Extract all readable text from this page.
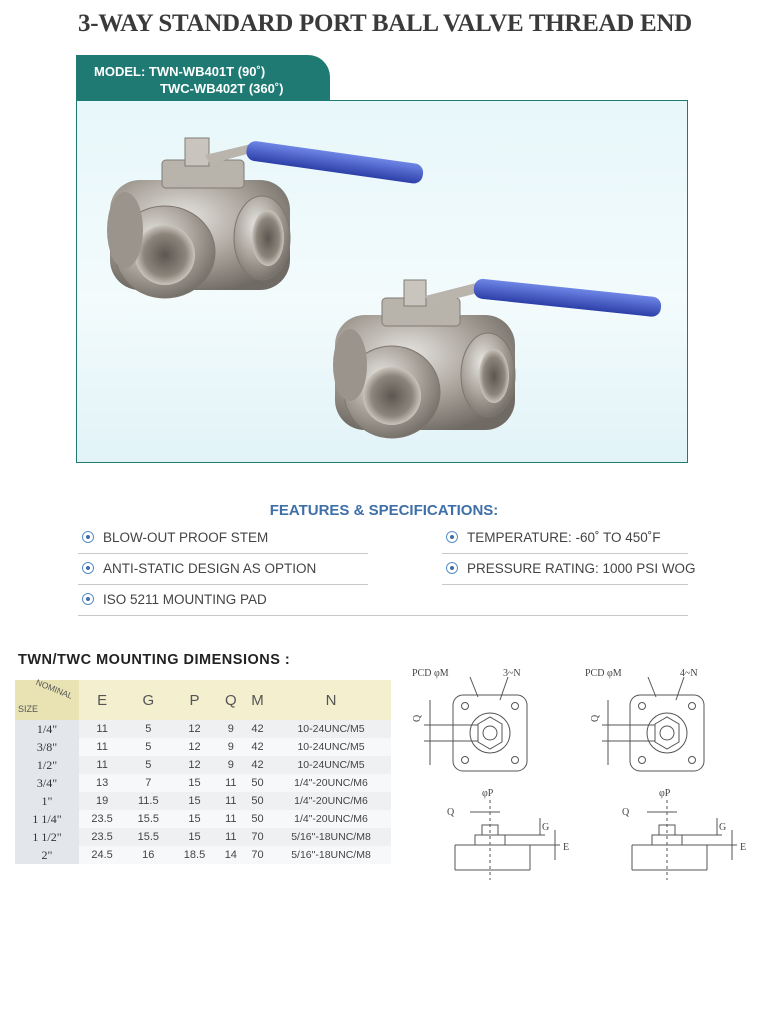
3-WAY STANDARD PORT BALL VALVE THREAD END
MODEL: TWN-WB401T (90˚)
TWC-WB402T (360˚)
FEATURES & SPECIFICATIONS:
BLOW-OUT PROOF STEM
ANTI-STATIC DESIGN AS OPTION
ISO 5211 MOUNTING PAD
TEMPERATURE: -60˚ TO 450˚F
PRESSURE RATING: 1000 PSI WOG
TWN/TWC MOUNTING DIMENSIONS :
NOMINAL
SIZE	E	G	P	Q	M	N
1/4"	11	5	12	9	42	10-24UNC/M5
3/8"	11	5	12	9	42	10-24UNC/M5
1/2"	11	5	12	9	42	10-24UNC/M5
3/4"	13	7	15	11	50	1/4"-20UNC/M6
1"	19	11.5	15	11	50	1/4"-20UNC/M6
1 1/4"	23.5	15.5	15	11	50	1/4"-20UNC/M6
1 1/2"	23.5	15.5	15	11	70	5/16"-18UNC/M8
2"	24.5	16	18.5	14	70	5/16"-18UNC/M8
PCD φM	3~N
Q
φP
Q
G
E
PCD φM	4~N
Q
φP
Q
G
E
